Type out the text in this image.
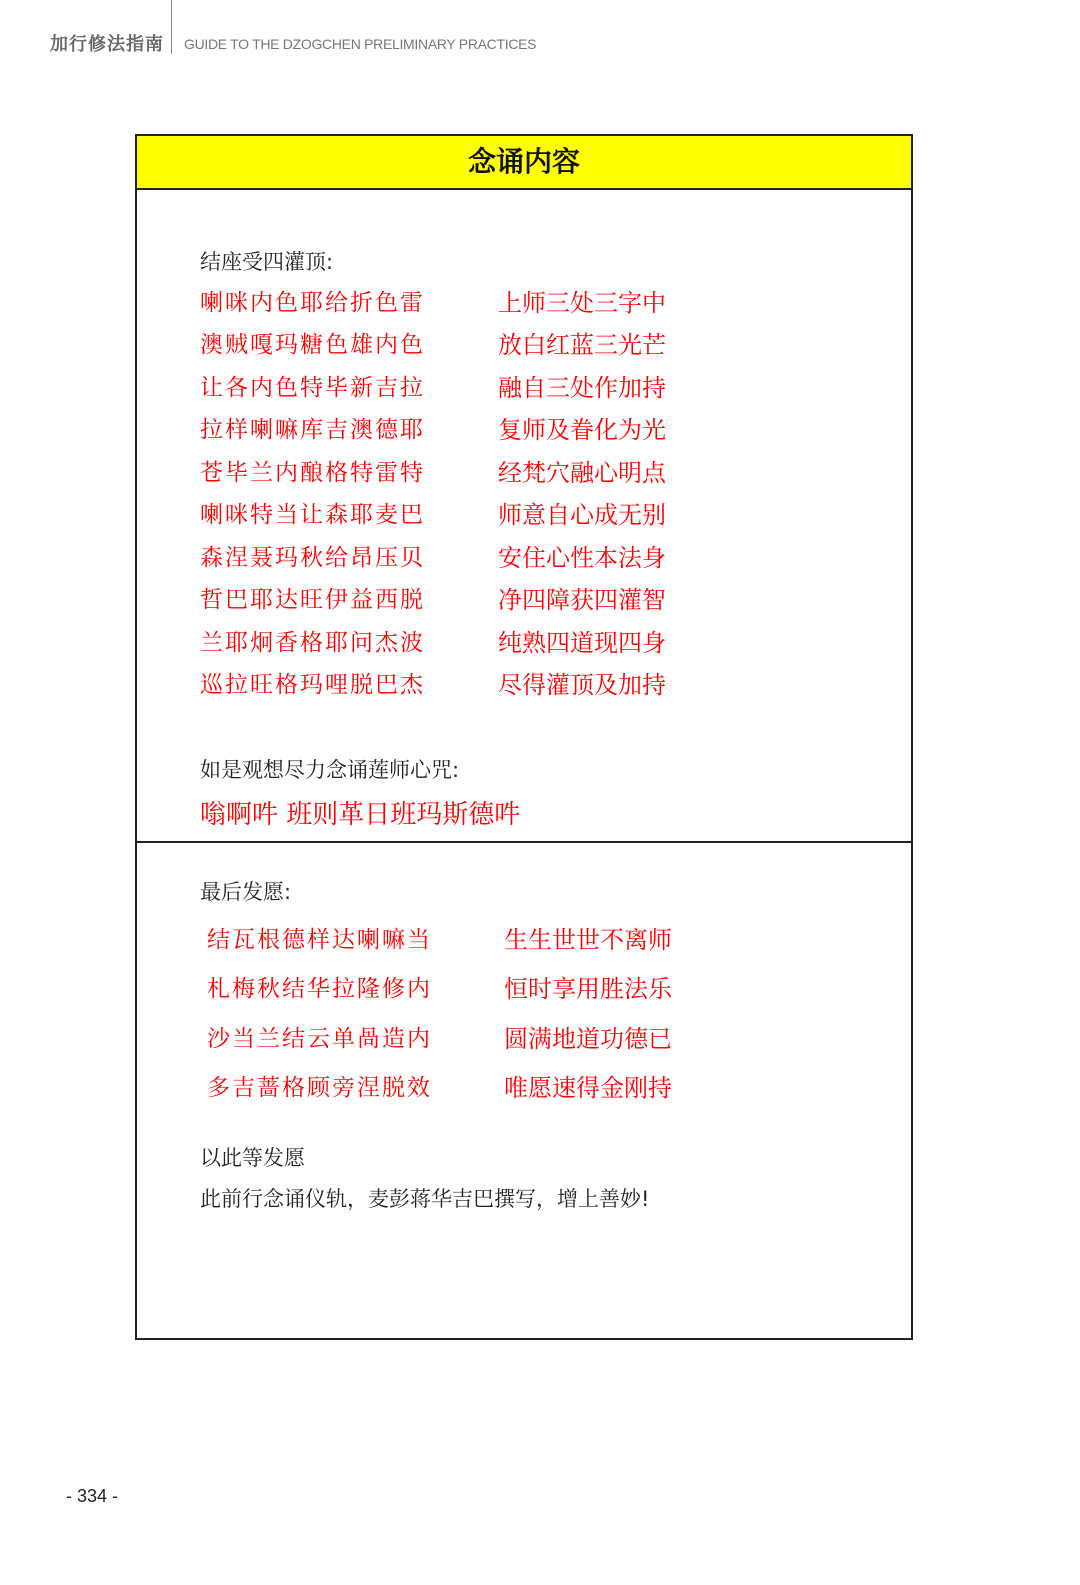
加行修法指南 GUIDE TO THE DZOGCHEN PRELIMINARY PRACTICES
念诵内容
结座受四灌顶:
喇咪内色耶给折色雷	上师三处三字中
澳贼嘎玛糖色雄内色	放白红蓝三光芒
让各内色特毕新吉拉	融自三处作加持
拉样喇嘛库吉澳德耶	复师及眷化为光
苍毕兰内酿格特雷特	经梵穴融心明点
喇咪特当让森耶麦巴	师意自心成无别
森涅聂玛秋给昂压贝	安住心性本法身
哲巴耶达旺伊益西脱	净四障获四灌智
兰耶炯香格耶问杰波	纯熟四道现四身
巡拉旺格玛哩脱巴杰	尽得灌顶及加持
如是观想尽力念诵莲师心咒:
嗡啊吽 班则革日班玛斯德吽
最后发愿:
结瓦根德样达喇嘛当	生生世世不离师
札梅秋结华拉隆修内	恒时享用胜法乐
沙当兰结云单咼造内	圆满地道功德已
多吉蔷格顾旁涅脱效	唯愿速得金刚持
以此等发愿
此前行念诵仪轨，麦彭蒋华吉巴撰写，增上善妙!
- 334 -
